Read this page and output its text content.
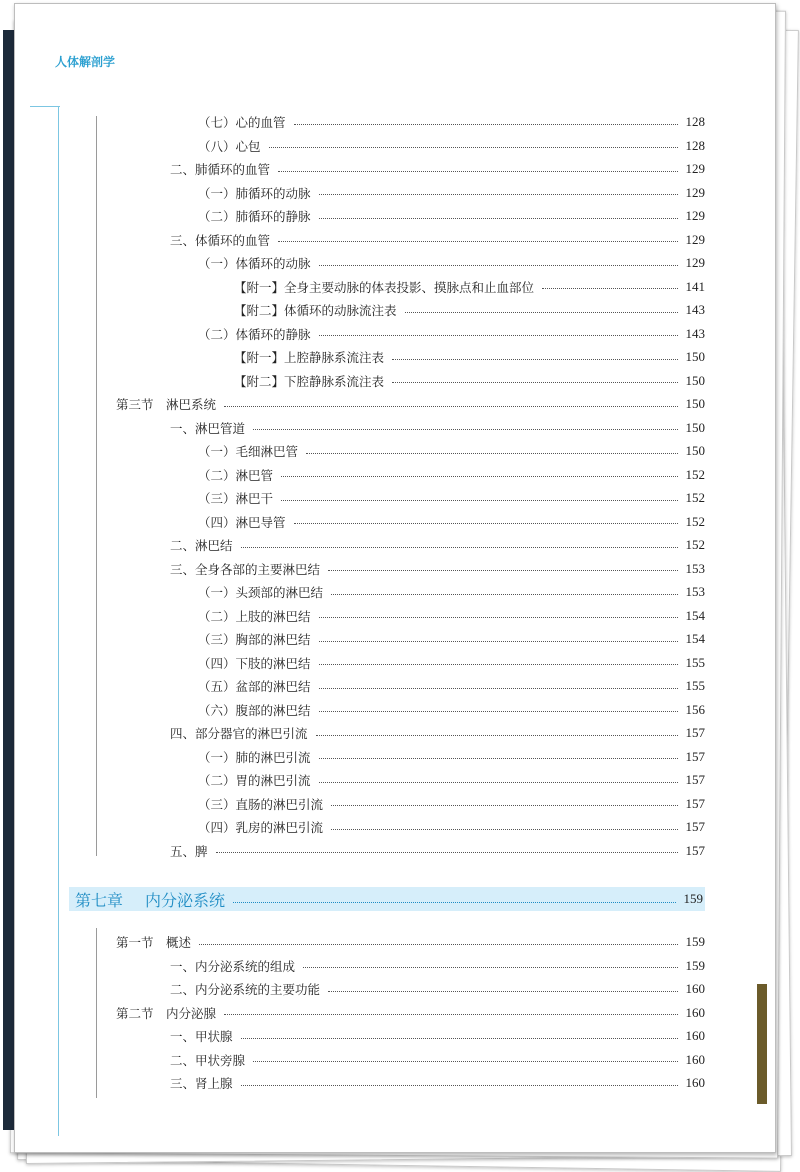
人体解剖学
（七）心的血管	128
（八）心包	128
二、肺循环的血管	129
（一）肺循环的动脉	129
（二）肺循环的静脉	129
三、体循环的血管	129
（一）体循环的动脉	129
【附一】全身主要动脉的体表投影、摸脉点和止血部位	141
【附二】体循环的动脉流注表	143
（二）体循环的静脉	143
【附一】上腔静脉系流注表	150
【附二】下腔静脉系流注表	150
第三节　淋巴系统	150
一、淋巴管道	150
（一）毛细淋巴管	150
（二）淋巴管	152
（三）淋巴干	152
（四）淋巴导管	152
二、淋巴结	152
三、全身各部的主要淋巴结	153
（一）头颈部的淋巴结	153
（二）上肢的淋巴结	154
（三）胸部的淋巴结	154
（四）下肢的淋巴结	155
（五）盆部的淋巴结	155
（六）腹部的淋巴结	156
四、部分器官的淋巴引流	157
（一）肺的淋巴引流	157
（二）胃的淋巴引流	157
（三）直肠的淋巴引流	157
（四）乳房的淋巴引流	157
五、脾	157
第七章 内分泌系统	159
第一节　概述	159
一、内分泌系统的组成	159
二、内分泌系统的主要功能	160
第二节　内分泌腺	160
一、甲状腺	160
二、甲状旁腺	160
三、肾上腺	160
